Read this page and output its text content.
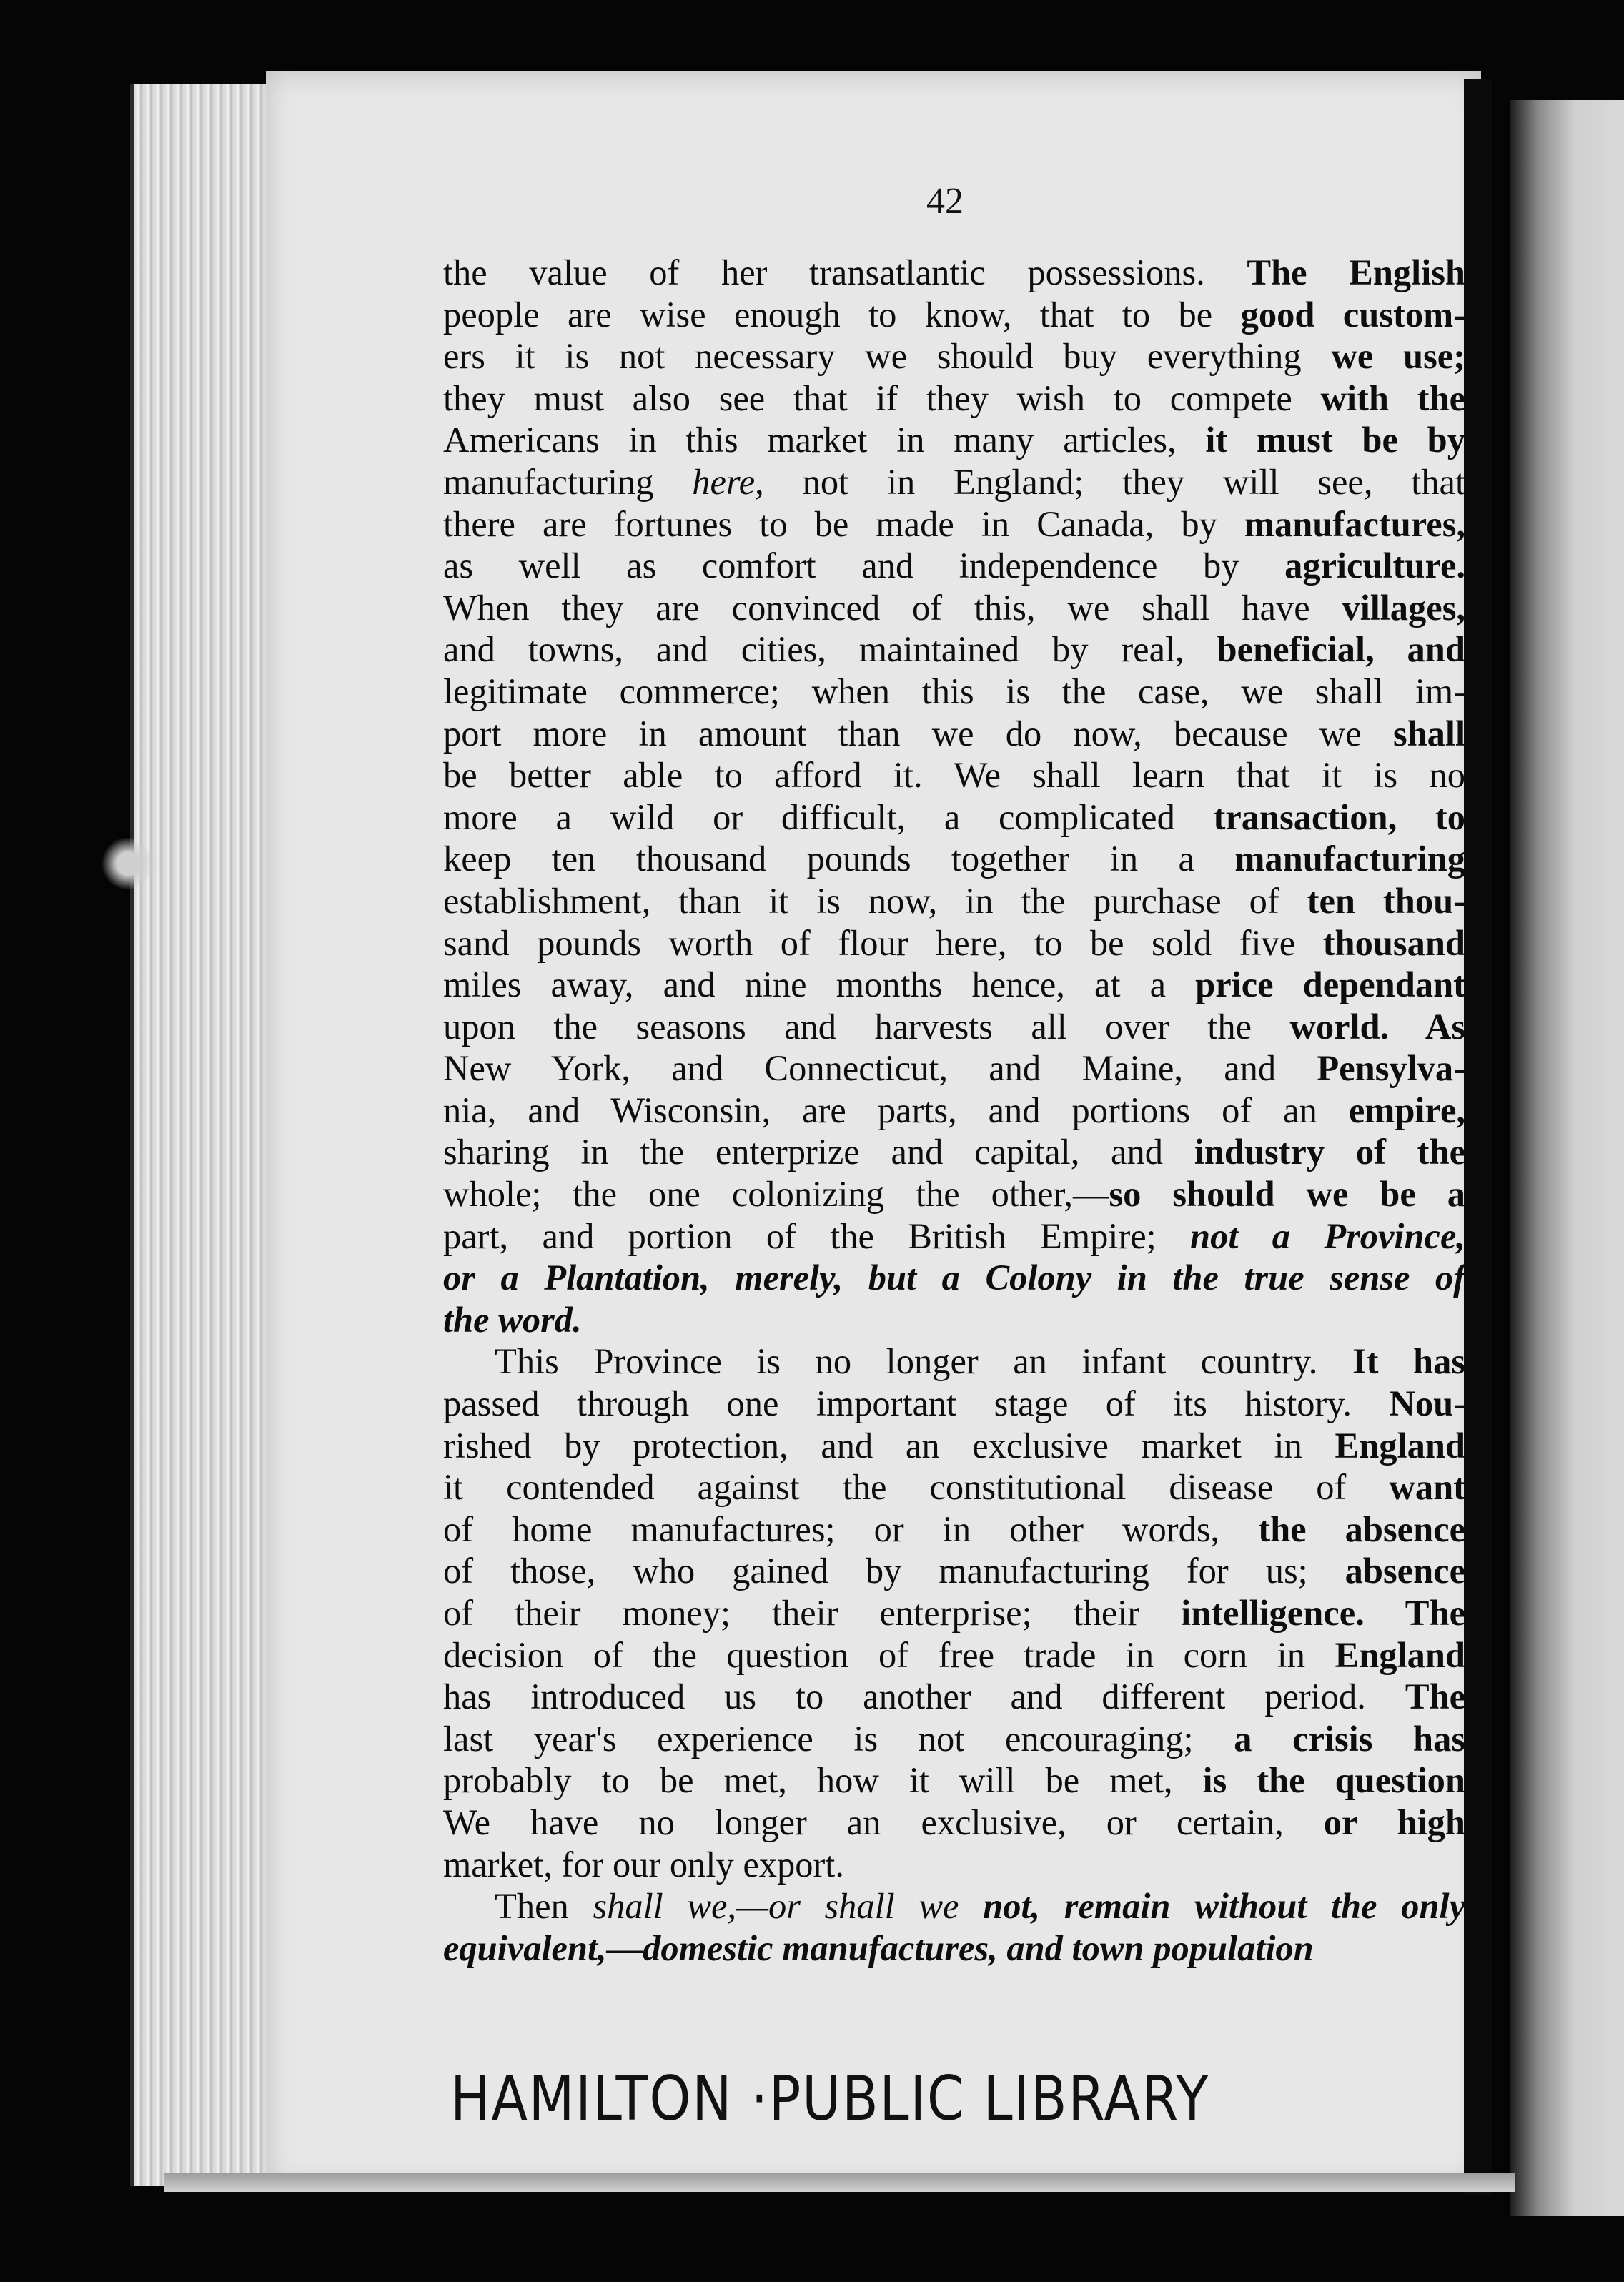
42
the value of her transatlantic possessions. The English
people are wise enough to know, that to be good custom-
ers it is not necessary we should buy everything we use;
they must also see that if they wish to compete with the
Americans in this market in many articles, it must be by
manufacturing here, not in England; they will see, that
there are fortunes to be made in Canada, by manufactures,
as well as comfort and independence by agriculture.
When they are convinced of this, we shall have villages,
and towns, and cities, maintained by real, beneficial, and
legitimate commerce; when this is the case, we shall im-
port more in amount than we do now, because we shall
be better able to afford it. We shall learn that it is no
more a wild or difficult, a complicated transaction, to
keep ten thousand pounds together in a manufacturing
establishment, than it is now, in the purchase of ten thou-
sand pounds worth of flour here, to be sold five thousand
miles away, and nine months hence, at a price dependant
upon the seasons and harvests all over the world. As
New York, and Connecticut, and Maine, and Pensylva-
nia, and Wisconsin, are parts, and portions of an empire,
sharing in the enterprize and capital, and industry of the
whole; the one colonizing the other,—so should we be a
part, and portion of the British Empire; not a Province,
or a Plantation, merely, but a Colony in the true sense of
the word.
This Province is no longer an infant country. It has
passed through one important stage of its history. Nou-
rished by protection, and an exclusive market in England
it contended against the constitutional disease of want
of home manufactures; or in other words, the absence
of those, who gained by manufacturing for us; absence
of their money; their enterprise; their intelligence. The
decision of the question of free trade in corn in England
has introduced us to another and different period. The
last year's experience is not encouraging; a crisis has
probably to be met, how it will be met, is the question
We have no longer an exclusive, or certain, or high
market, for our only export.
Then shall we,—or shall we not, remain without the only
equivalent,—domestic manufactures, and town population
HAMILTON ·PUBLIC LIBRARY
